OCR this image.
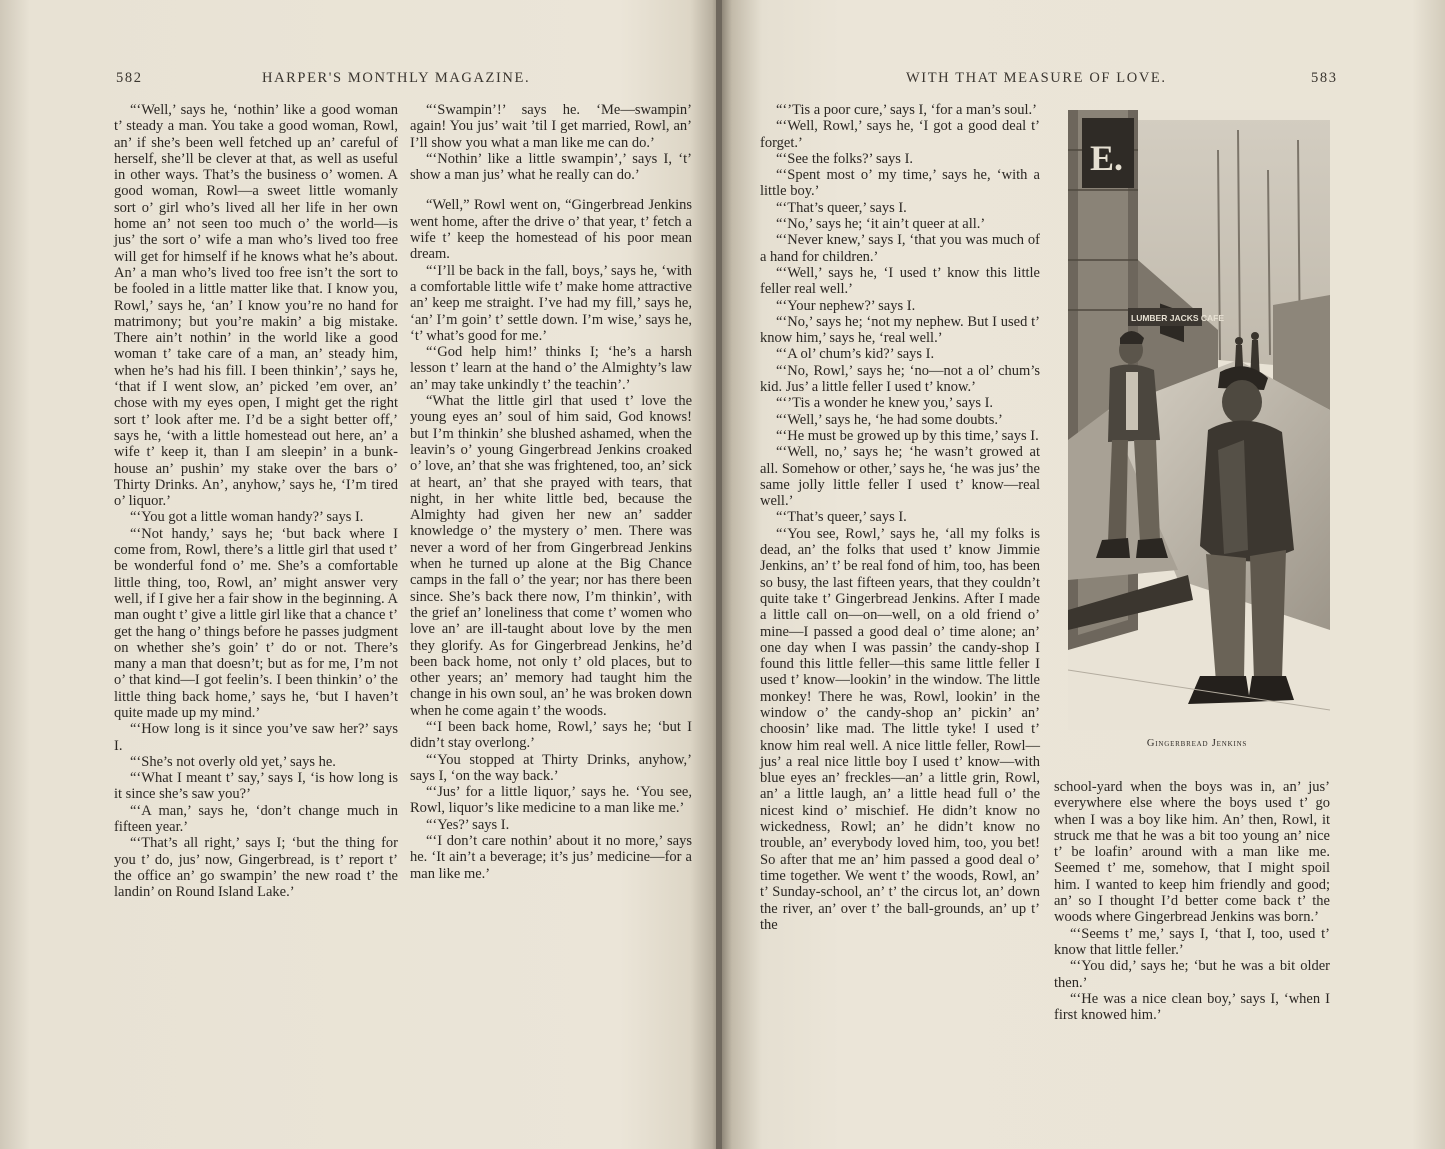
582	HARPER'S MONTHLY MAGAZINE.

“‘Well,’ says he, ‘nothin’ like a good woman t’ steady a man. You take a good woman, Rowl, an’ if she’s been well fetched up an’ careful of herself, she’ll be clever at that, as well as useful in other ways. That’s the business o’ women. A good woman, Rowl—a sweet little womanly sort o’ girl who’s lived all her life in her own home an’ not seen too much o’ the world—is jus’ the sort o’ wife a man who’s lived too free will get for himself if he knows what he’s about. An’ a man who’s lived too free isn’t the sort to be fooled in a little matter like that. I know you, Rowl,’ says he, ‘an’ I know you’re no hand for matrimony; but you’re makin’ a big mistake. There ain’t nothin’ in the world like a good woman t’ take care of a man, an’ steady him, when he’s had his fill. I been thinkin’,’ says he, ‘that if I went slow, an’ picked ’em over, an’ chose with my eyes open, I might get the right sort t’ look after me. I’d be a sight better off,’ says he, ‘with a little homestead out here, an’ a wife t’ keep it, than I am sleepin’ in a bunk-house an’ pushin’ my stake over the bars o’ Thirty Drinks. An’, anyhow,’ says he, ‘I’m tired o’ liquor.’

“‘You got a little woman handy?’ says I.

“‘Not handy,’ says he; ‘but back where I come from, Rowl, there’s a little girl that used t’ be wonderful fond o’ me. She’s a comfortable little thing, too, Rowl, an’ might answer very well, if I give her a fair show in the beginning. A man ought t’ give a little girl like that a chance t’ get the hang o’ things before he passes judgment on whether she’s goin’ t’ do or not. There’s many a man that doesn’t; but as for me, I’m not o’ that kind—I got feelin’s. I been thinkin’ o’ the little thing back home,’ says he, ‘but I haven’t quite made up my mind.’

“‘How long is it since you’ve saw her?’ says I.

“‘She’s not overly old yet,’ says he.

“‘What I meant t’ say,’ says I, ‘is how long is it since she’s saw you?’

“‘A man,’ says he, ‘don’t change much in fifteen year.’

“‘That’s all right,’ says I; ‘but the thing for you t’ do, jus’ now, Gingerbread, is t’ report t’ the office an’ go swampin’ the new road t’ the landin’ on Round Island Lake.’

“‘Swampin’!’ says he. ‘Me—swampin’ again! You jus’ wait ’til I get married, Rowl, an’ I’ll show you what a man like me can do.’

“‘Nothin’ like a little swampin’,’ says I, ‘t’ show a man jus’ what he really can do.’

“Well,” Rowl went on, “Gingerbread Jenkins went home, after the drive o’ that year, t’ fetch a wife t’ keep the homestead of his poor mean dream.

“‘I’ll be back in the fall, boys,’ says he, ‘with a comfortable little wife t’ make home attractive an’ keep me straight. I’ve had my fill,’ says he, ‘an’ I’m goin’ t’ settle down. I’m wise,’ says he, ‘t’ what’s good for me.’

“‘God help him!’ thinks I; ‘he’s a harsh lesson t’ learn at the hand o’ the Almighty’s law an’ may take unkindly t’ the teachin’.’

“What the little girl that used t’ love the young eyes an’ soul of him said, God knows! but I’m thinkin’ she blushed ashamed, when the leavin’s o’ young Gingerbread Jenkins croaked o’ love, an’ that she was frightened, too, an’ sick at heart, an’ that she prayed with tears, that night, in her white little bed, because the Almighty had given her new an’ sadder knowledge o’ the mystery o’ men. There was never a word of her from Gingerbread Jenkins when he turned up alone at the Big Chance camps in the fall o’ the year; nor has there been since. She’s back there now, I’m thinkin’, with the grief an’ loneliness that come t’ women who love an’ are ill-taught about love by the men they glorify. As for Gingerbread Jenkins, he’d been back home, not only t’ old places, but to other years; an’ memory had taught him the change in his own soul, an’ he was broken down when he come again t’ the woods.

“‘I been back home, Rowl,’ says he; ‘but I didn’t stay overlong.’

“‘You stopped at Thirty Drinks, anyhow,’ says I, ‘on the way back.’

“‘Jus’ for a little liquor,’ says he. ‘You see, Rowl, liquor’s like medicine to a man like me.’

“‘Yes?’ says I.

“‘I don’t care nothin’ about it no more,’ says he. ‘It ain’t a beverage; it’s jus’ medicine—for a man like me.’

WITH THAT MEASURE OF LOVE.	583

“‘’Tis a poor cure,’ says I, ‘for a man’s soul.’

“‘Well, Rowl,’ says he, ‘I got a good deal t’ forget.’

“‘See the folks?’ says I.

“‘Spent most o’ my time,’ says he, ‘with a little boy.’

“‘That’s queer,’ says I.

“‘No,’ says he; ‘it ain’t queer at all.’

“‘Never knew,’ says I, ‘that you was much of a hand for children.’

“‘Well,’ says he, ‘I used t’ know this little feller real well.’

“‘Your nephew?’ says I.

“‘No,’ says he; ‘not my nephew. But I used t’ know him,’ says he, ‘real well.’

“‘A ol’ chum’s kid?’ says I.

“‘No, Rowl,’ says he; ‘no—not a ol’ chum’s kid. Jus’ a little feller I used t’ know.’

“‘’Tis a wonder he knew you,’ says I.

“‘Well,’ says he, ‘he had some doubts.’

“‘He must be growed up by this time,’ says I.

“‘Well, no,’ says he; ‘he wasn’t growed at all. Somehow or other,’ says he, ‘he was jus’ the same jolly little feller I used t’ know—real well.’

“‘That’s queer,’ says I.

“‘You see, Rowl,’ says he, ‘all my folks is dead, an’ the folks that used t’ know Jimmie Jenkins, an’ t’ be real fond of him, too, has been so busy, the last fifteen years, that they couldn’t quite take t’ Gingerbread Jenkins. After I made a little call on—on—well, on a old friend o’ mine—I passed a good deal o’ time alone; an’ one day when I was passin’ the candy-shop I found this little feller—this same little feller I used t’ know—lookin’ in the window. The little monkey! There he was, Rowl, lookin’ in the window o’ the candy-shop an’ pickin’ an’ choosin’ like mad. The little tyke! I used t’ know him real well. A nice little feller, Rowl—jus’ a real nice little boy I used t’ know—with blue eyes an’ freckles—an’ a little grin, Rowl, an’ a little laugh, an’ a little head full o’ the nicest kind o’ mischief. He didn’t know no wickedness, Rowl; an’ he didn’t know no trouble, an’ everybody loved him, too, you bet! So after that me an’ him passed a good deal o’ time together. We went t’ the woods, Rowl, an’ t’ Sunday-school, an’ t’ the circus lot, an’ down the river, an’ over t’ the ball-grounds, an’ up t’ the

E.
LUMBER JACKS CAFE
Gingerbread Jenkins

school-yard when the boys was in, an’ jus’ everywhere else where the boys used t’ go when I was a boy like him. An’ then, Rowl, it struck me that he was a bit too young an’ nice t’ be loafin’ around with a man like me. Seemed t’ me, somehow, that I might spoil him. I wanted to keep him friendly and good; an’ so I thought I’d better come back t’ the woods where Gingerbread Jenkins was born.’

“‘Seems t’ me,’ says I, ‘that I, too, used t’ know that little feller.’

“‘You did,’ says he; ‘but he was a bit older then.’

“‘He was a nice clean boy,’ says I, ‘when I first knowed him.’
